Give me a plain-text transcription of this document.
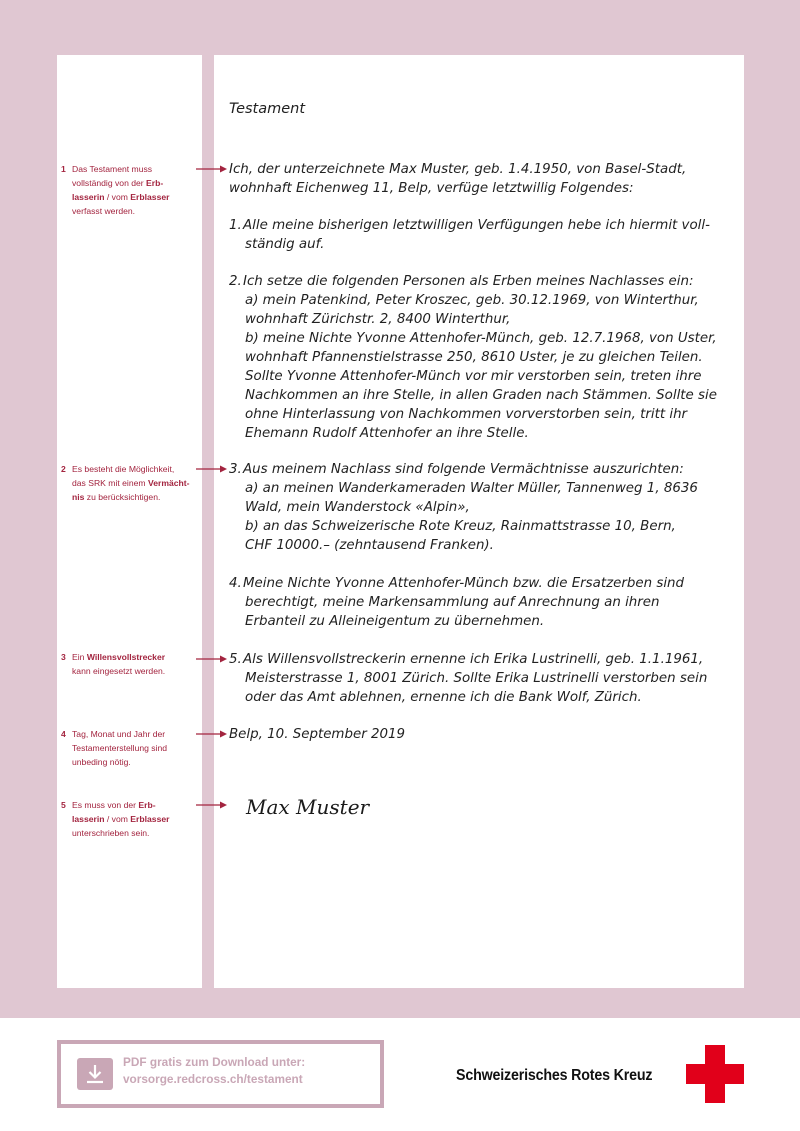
1 Das Testament muss
vollständig von der Erb-
lasserin / vom Erblasser
verfasst werden.
2 Es besteht die Möglichkeit,
das SRK mit einem Vermächt-
nis zu berücksichtigen.
3 Ein Willensvollstrecker
kann eingesetzt werden.
4 Tag, Monat und Jahr der
Testamenterstellung sind
unbeding nötig.
5 Es muss von der Erb-
lasserin / vom Erblasser
unterschrieben sein.
Testament
Ich, der unterzeichnete Max Muster, geb. 1.4.1950, von Basel-Stadt,
wohnhaft Eichenweg 11, Belp, verfüge letztwillig Folgendes:
1.Alle meine bisherigen letztwilligen Verfügungen hebe ich hiermit voll-
ständig auf.
2.Ich setze die folgenden Personen als Erben meines Nachlasses ein:
a) mein Patenkind, Peter Kroszec, geb. 30.12.1969, von Winterthur,
wohnhaft Zürichstr. 2, 8400 Winterthur,
b) meine Nichte Yvonne Attenhofer-Münch, geb. 12.7.1968, von Uster,
wohnhaft Pfannenstielstrasse 250, 8610 Uster, je zu gleichen Teilen.
Sollte Yvonne Attenhofer-Münch vor mir verstorben sein, treten ihre
Nachkommen an ihre Stelle, in allen Graden nach Stämmen. Sollte sie
ohne Hinterlassung von Nachkommen vorverstorben sein, tritt ihr
Ehemann Rudolf Attenhofer an ihre Stelle.
3.Aus meinem Nachlass sind folgende Vermächtnisse auszurichten:
a) an meinen Wanderkameraden Walter Müller, Tannenweg 1, 8636
Wald, mein Wanderstock «Alpin»,
b) an das Schweizerische Rote Kreuz, Rainmattstrasse 10, Bern,
CHF 10000.– (zehntausend Franken).
4.Meine Nichte Yvonne Attenhofer-Münch bzw. die Ersatzerben sind
berechtigt, meine Markensammlung auf Anrechnung an ihren
Erbanteil zu Alleineigentum zu übernehmen.
5.Als Willensvollstreckerin ernenne ich Erika Lustrinelli, geb. 1.1.1961,
Meisterstrasse 1, 8001 Zürich. Sollte Erika Lustrinelli verstorben sein
oder das Amt ablehnen, ernenne ich die Bank Wolf, Zürich.
Belp, 10. September 2019
Max Muster
PDF gratis zum Download unter:
vorsorge.redcross.ch/testament	Schweizerisches Rotes Kreuz
